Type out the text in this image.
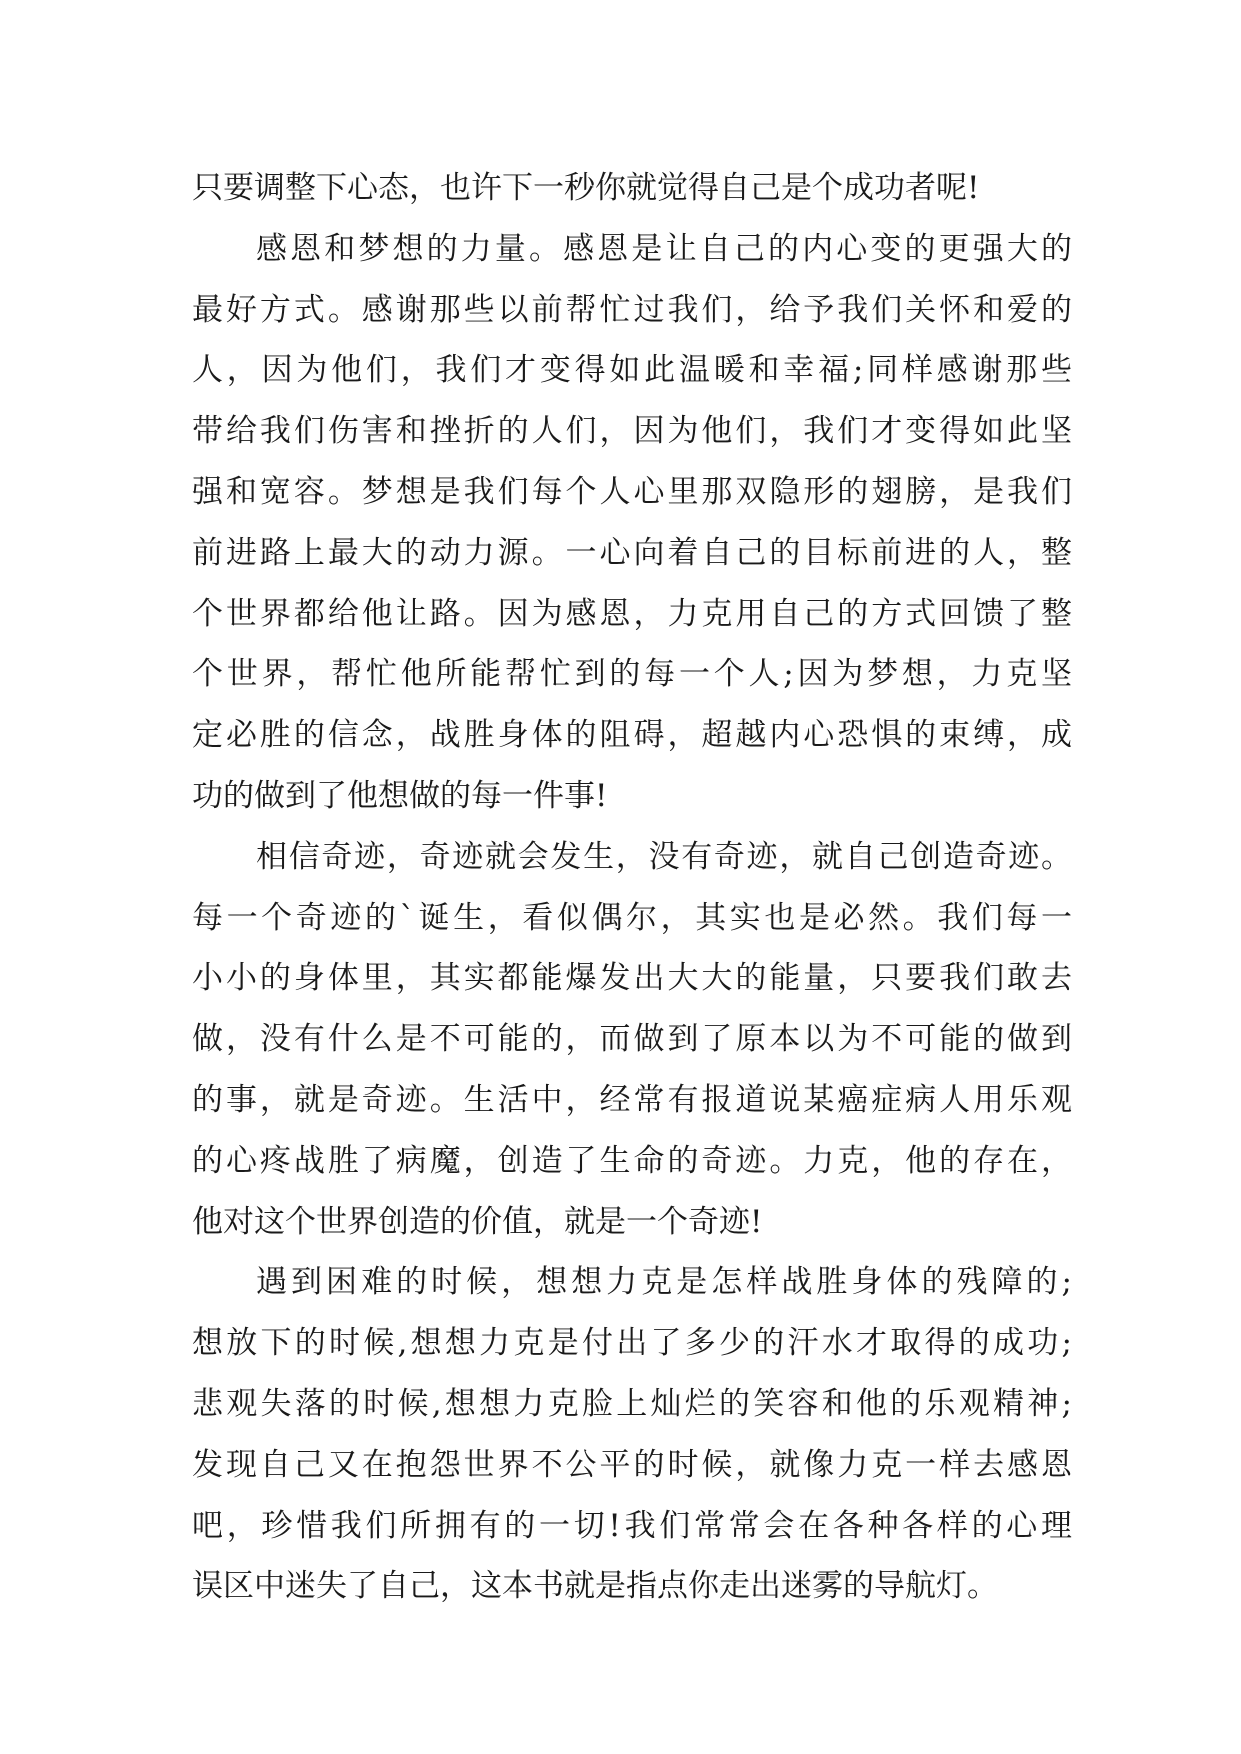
只要调整下心态，也许下一秒你就觉得自己是个成功者呢!
感恩和梦想的力量。感恩是让自己的内心变的更强大的
最好方式。感谢那些以前帮忙过我们，给予我们关怀和爱的
人，因为他们，我们才变得如此温暖和幸福;同样感谢那些
带给我们伤害和挫折的人们，因为他们，我们才变得如此坚
强和宽容。梦想是我们每个人心里那双隐形的翅膀，是我们
前进路上最大的动力源。一心向着自己的目标前进的人，整
个世界都给他让路。因为感恩，力克用自己的方式回馈了整
个世界，帮忙他所能帮忙到的每一个人;因为梦想，力克坚
定必胜的信念，战胜身体的阻碍，超越内心恐惧的束缚，成
功的做到了他想做的每一件事!
相信奇迹，奇迹就会发生，没有奇迹，就自己创造奇迹。
每一个奇迹的`诞生，看似偶尔，其实也是必然。我们每一
小小的身体里，其实都能爆发出大大的能量，只要我们敢去
做，没有什么是不可能的，而做到了原本以为不可能的做到
的事，就是奇迹。生活中，经常有报道说某癌症病人用乐观
的心疼战胜了病魔，创造了生命的奇迹。力克，他的存在，
他对这个世界创造的价值，就是一个奇迹!
遇到困难的时候，想想力克是怎样战胜身体的残障的;
想放下的时候,想想力克是付出了多少的汗水才取得的成功;
悲观失落的时候,想想力克脸上灿烂的笑容和他的乐观精神;
发现自己又在抱怨世界不公平的时候，就像力克一样去感恩
吧，珍惜我们所拥有的一切!我们常常会在各种各样的心理
误区中迷失了自己，这本书就是指点你走出迷雾的导航灯。
